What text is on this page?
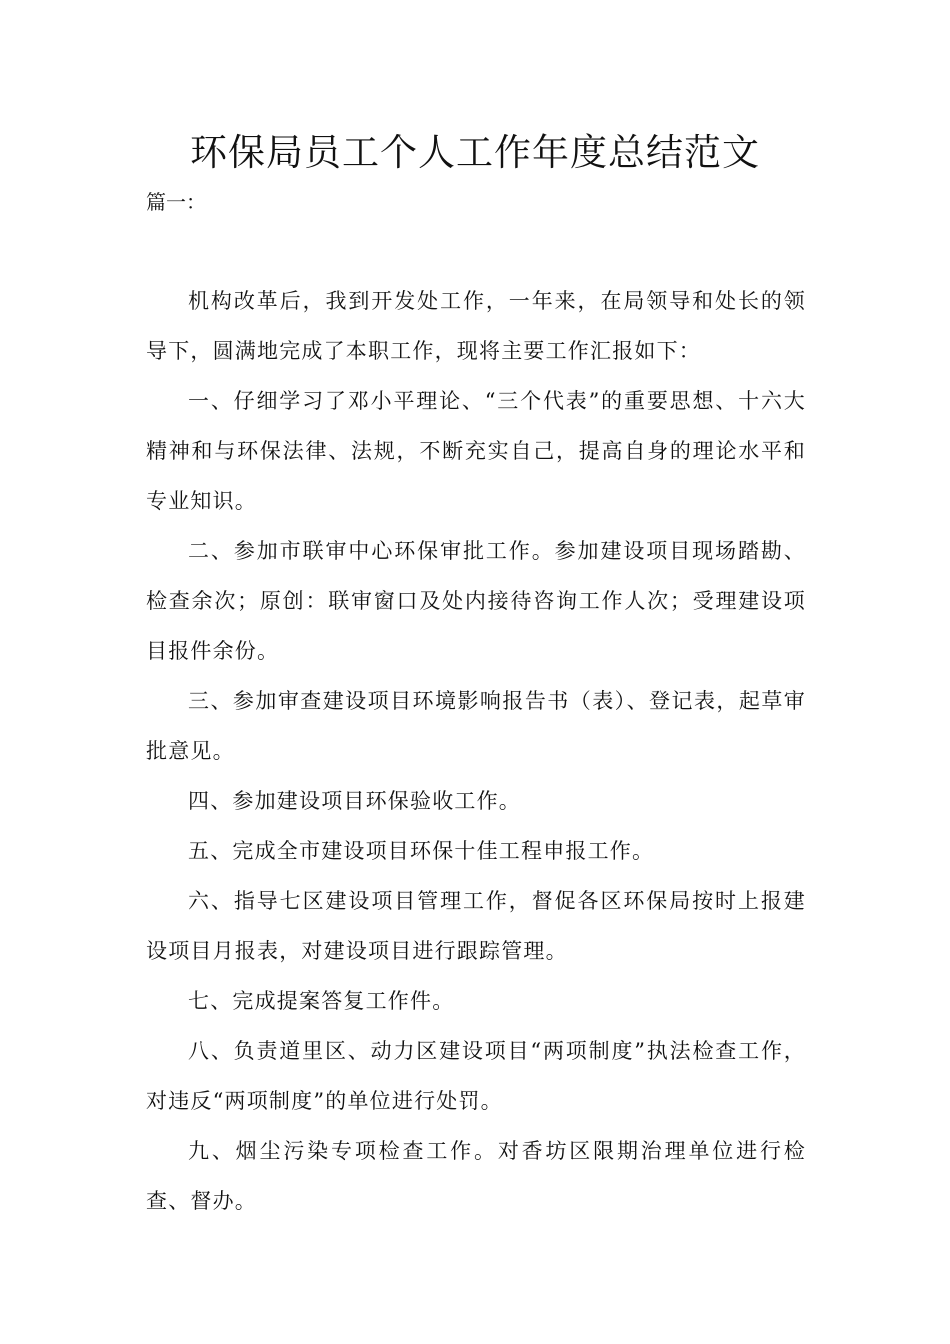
环保局员工个人工作年度总结范文

篇一：

机构改革后，我到开发处工作，一年来，在局领导和处长的领导下，圆满地完成了本职工作，现将主要工作汇报如下：

一、仔细学习了邓小平理论、“三个代表”的重要思想、十六大精神和与环保法律、法规，不断充实自己，提高自身的理论水平和专业知识。

二、参加市联审中心环保审批工作。参加建设项目现场踏勘、检查余次；原创：联审窗口及处内接待咨询工作人次；受理建设项目报件余份。

三、参加审查建设项目环境影响报告书（表）、登记表，起草审批意见。

四、参加建设项目环保验收工作。

五、完成全市建设项目环保十佳工程申报工作。

六、指导七区建设项目管理工作，督促各区环保局按时上报建设项目月报表，对建设项目进行跟踪管理。

七、完成提案答复工作件。

八、负责道里区、动力区建设项目“两项制度”执法检查工作，对违反“两项制度”的单位进行处罚。

九、烟尘污染专项检查工作。对香坊区限期治理单位进行检查、督办。
